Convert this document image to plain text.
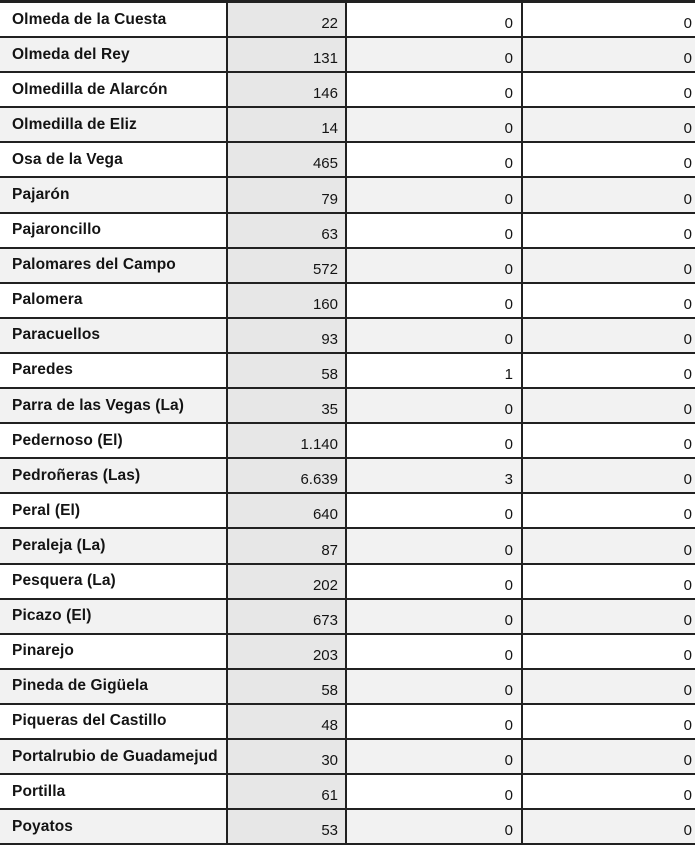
Olmeda de la Cuesta	22	0	0
Olmeda del Rey	131	0	0
Olmedilla de Alarcón	146	0	0
Olmedilla de Eliz	14	0	0
Osa de la Vega	465	0	0
Pajarón	79	0	0
Pajaroncillo	63	0	0
Palomares del Campo	572	0	0
Palomera	160	0	0
Paracuellos	93	0	0
Paredes	58	1	0
Parra de las Vegas (La)	35	0	0
Pedernoso (El)	1.140	0	0
Pedroñeras (Las)	6.639	3	0
Peral (El)	640	0	0
Peraleja (La)	87	0	0
Pesquera (La)	202	0	0
Picazo (El)	673	0	0
Pinarejo	203	0	0
Pineda de Gigüela	58	0	0
Piqueras del Castillo	48	0	0
Portalrubio de Guadamejud	30	0	0
Portilla	61	0	0
Poyatos	53	0	0
